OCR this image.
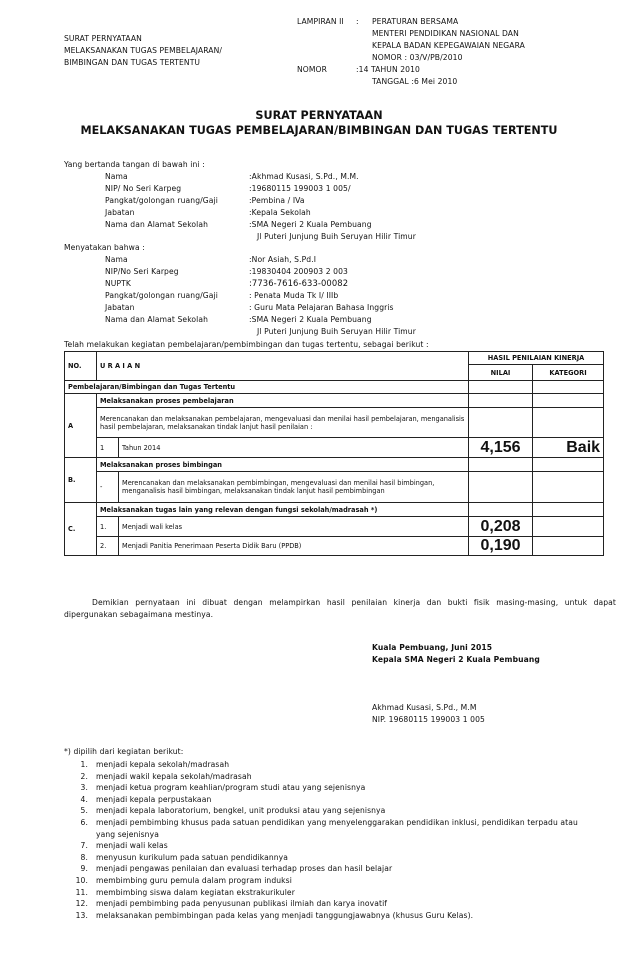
LAMPIRAN II : PERATURAN BERSAMA
MENTERI PENDIDIKAN NASIONAL DAN
KEPALA BADAN KEPEGAWAIAN NEGARA
NOMOR : 03/V/PB/2010
NOMOR	:14 TAHUN 2010
TANGGAL :6 Mei 2010
SURAT PERNYATAAN
MELAKSANAKAN TUGAS PEMBELAJARAN/
BIMBINGAN DAN TUGAS TERTENTU
SURAT PERNYATAAN
MELAKSANAKAN TUGAS PEMBELAJARAN/BIMBINGAN DAN TUGAS TERTENTU
Yang bertanda tangan di bawah ini :
Nama	:Akhmad Kusasi, S.Pd., M.M.
NIP/ No Seri Karpeg	:19680115 199003 1 005/
Pangkat/golongan ruang/Gaji	:Pembina / IVa
Jabatan	:Kepala Sekolah
Nama dan Alamat Sekolah	:SMA Negeri 2 Kuala Pembuang
Jl Puteri Junjung Buih Seruyan Hilir Timur
Menyatakan bahwa :
Nama	:Nor Asiah, S.Pd.I
NIP/No Seri Karpeg	:19830404 200903 2 003
NUPTK	:7736-7616-633-00082
Pangkat/golongan ruang/Gaji	: Penata Muda Tk I/ IIIb
Jabatan	: Guru Mata Pelajaran Bahasa Inggris
Nama dan Alamat Sekolah	:SMA Negeri 2 Kuala Pembuang
Jl Puteri Junjung Buih Seruyan Hilir Timur
Telah melakukan kegiatan pembelajaran/pembimbingan dan tugas tertentu, sebagai berikut :
NO.	U R A I A N		HASIL PENILAIAN KINERJA	
			NILAI	KATEGORI
Pembelajaran/Bimbingan dan Tugas Tertentu				
A	Melaksanakan proses pembelajaran			
	Merencanakan dan melaksanakan pembelajaran, mengevaluasi dan menilai hasil pembelajaran, menganalisis hasil pembelajaran, melaksanakan tindak lanjut hasil penilaian :			
	1	Tahun 2014	4,156	Baik
B.	Melaksanakan proses bimbingan			
	-	Merencanakan dan melaksanakan pembimbingan, mengevaluasi dan menilai hasil bimbingan, menganalisis hasil bimbingan, melaksanakan tindak lanjut hasil pembimbingan		
C.	Melaksanakan tugas lain yang relevan dengan fungsi sekolah/madrasah *)			
	1.	Menjadi wali kelas	0,208	
	2.	Menjadi Panitia Penerimaan Peserta Didik Baru (PPDB)	0,190	
Demikian pernyataan ini dibuat dengan melampirkan hasil penilaian kinerja dan bukti fisik masing-masing, untuk dapat dipergunakan sebagaimana mestinya.
Kuala Pembuang, Juni 2015
Kepala SMA Negeri 2 Kuala Pembuang
Akhmad Kusasi, S.Pd., M.M
NIP. 19680115 199003 1 005
*) dipilih dari kegiatan berikut:
1. menjadi kepala sekolah/madrasah
2. menjadi wakil kepala sekolah/madrasah
3. menjadi ketua program keahlian/program studi atau yang sejenisnya
4. menjadi kepala perpustakaan
5. menjadi kepala laboratorium, bengkel, unit produksi atau yang sejenisnya
6. menjadi pembimbing khusus pada satuan pendidikan yang menyelenggarakan pendidikan inklusi, pendidikan terpadu atau
yang sejenisnya
7. menjadi wali kelas
8. menyusun kurikulum pada satuan pendidikannya
9. menjadi pengawas penilaian dan evaluasi terhadap proses dan hasil belajar
10. membimbing guru pemula dalam program induksi
11. membimbing siswa dalam kegiatan ekstrakurikuler
12. menjadi pembimbing pada penyusunan publikasi ilmiah dan karya inovatif
13. melaksanakan pembimbingan pada kelas yang menjadi tanggungjawabnya (khusus Guru Kelas).
